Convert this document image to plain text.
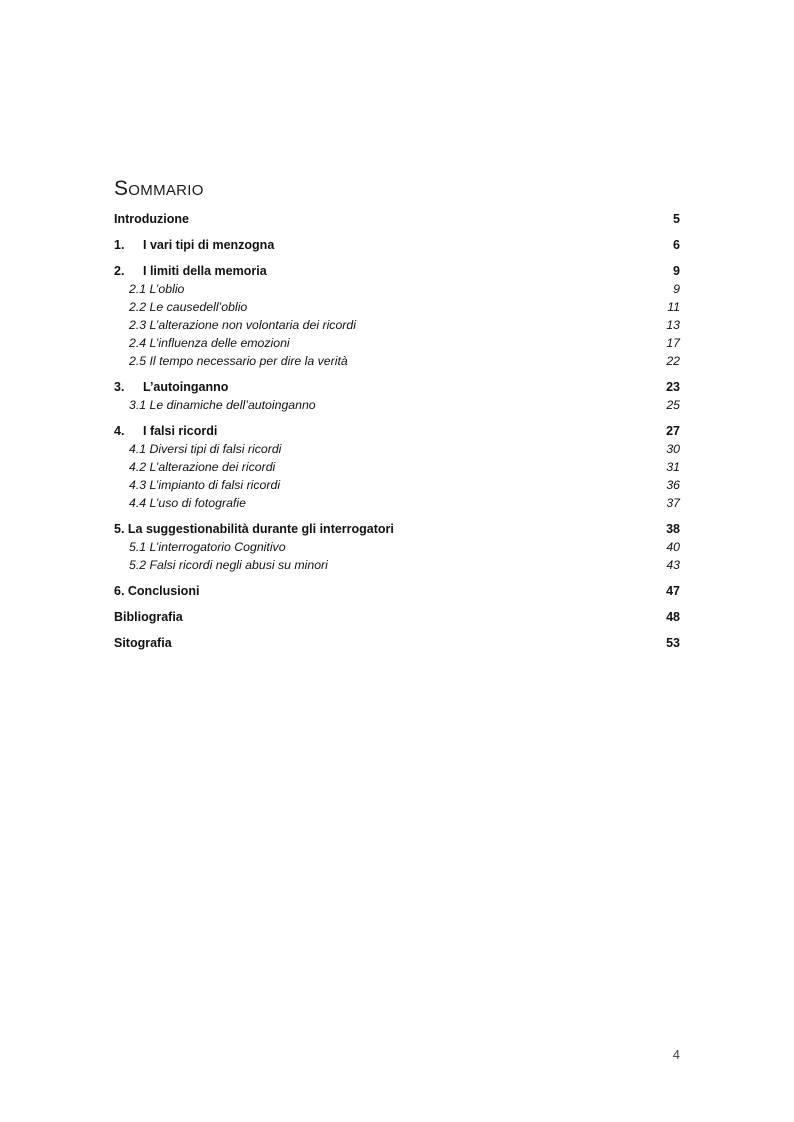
Sommario
Introduzione	5
1.	I vari tipi di menzogna	6
2.	I limiti della memoria	9
2.1 L’oblio	9
2.2 Le causedell’oblio	11
2.3 L’alterazione non volontaria dei ricordi	13
2.4 L’influenza delle emozioni	17
2.5 Il tempo necessario per dire la verità	22
3.	L’autoinganno	23
3.1 Le dinamiche dell’autoinganno	25
4.	I falsi ricordi	27
4.1 Diversi tipi di falsi ricordi	30
4.2 L’alterazione dei ricordi	31
4.3 L’impianto di falsi ricordi	36
4.4 L’uso di fotografie	37
5. La suggestionabilità durante gli interrogatori	38
5.1 L’interrogatorio Cognitivo	40
5.2 Falsi ricordi negli abusi su minori	43
6. Conclusioni	47
Bibliografia	48
Sitografia	53
4
